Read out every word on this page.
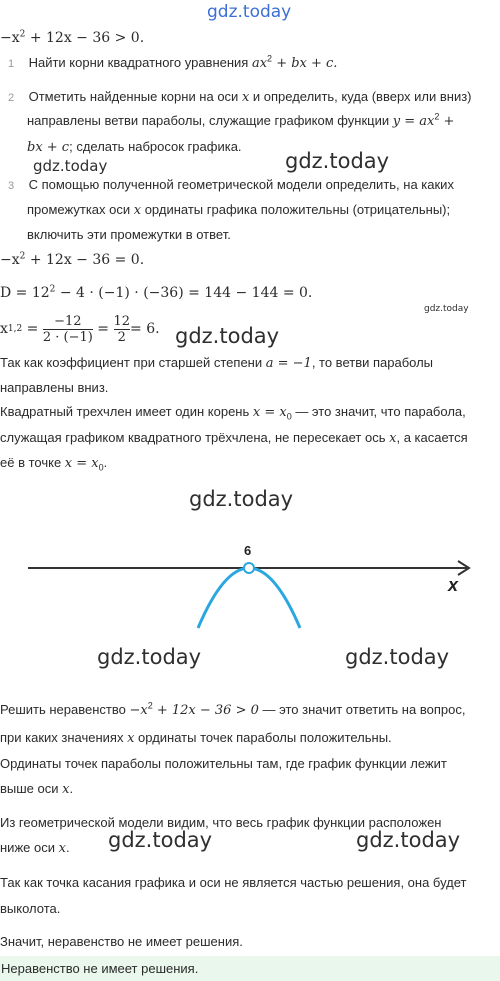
gdz.today
$-x^2 + 12x - 36 > 0$.
1 Найти корни квадратного уравнения $ax^2$ + bx + c.
2 Отметить найденные корни на оси x и определить, куда (вверх или вниз)
направлены ветви параболы, служащие графиком функции $y = ax^2$ +
bx + c; сделать набросок графика.
gdz.today	gdz.today
3 С помощью полученной геометрической модели определить, на каких
промежутках оси x ординаты графика положительны (отрицательны);
включить эти промежутки в ответ.
$-x^2 + 12x - 36 = 0$.
$D = 12^2 - 4 \cdot (-1) \cdot (-36) = 144 - 144 = 0$.
gdz.today
x $1,2 = \frac{-12}{2 \cdot (-1)} = \frac{12}{2} = 6$. gdz.today
Так как коэффициент при старшей степени a = −1, то ветви параболы
направлены вниз.
Квадратный трехчлен имеет один корень $x = x_0$ — это значит, что парабола,
служащая графиком квадратного трёхчлена, не пересекает ось x, а касается
её в точке $x = x_0$.
gdz.today
6
x
gdz.today	gdz.today
Решить неравенство $-x^2 + 12x - 36 > 0$ — это значит ответить на вопрос,
при каких значениях x ординаты точек параболы положительны.
Ординаты точек параболы положительны там, где график функции лежит
выше оси x.
Из геометрической модели видим, что весь график функции расположен
ниже оси x. gdz.today	gdz.today
Так как точка касания графика и оси не является частью решения, она будет
выколота.
Значит, неравенство не имеет решения.
Неравенство не имеет решения.
